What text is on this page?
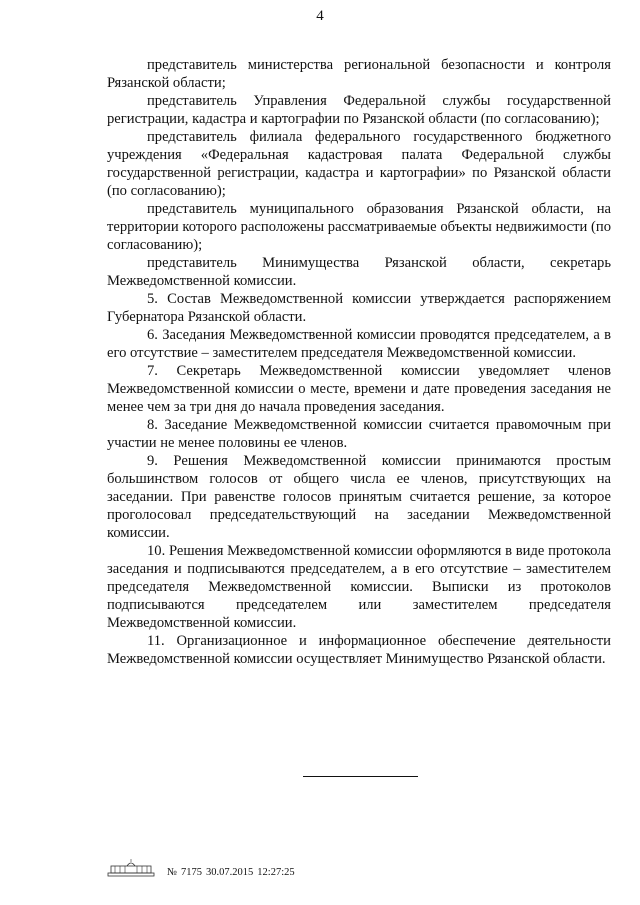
4

представитель министерства региональной безопасности и контроля Рязанской области;

представитель Управления Федеральной службы государственной регистрации, кадастра и картографии по Рязанской области (по согласованию);

представитель филиала федерального государственного бюджетного учреждения «Федеральная кадастровая палата Федеральной службы государственной регистрации, кадастра и картографии» по Рязанской области (по согласованию);

представитель муниципального образования Рязанской области, на территории которого расположены рассматриваемые объекты недвижимости (по согласованию);

представитель Минимущества Рязанской области, секретарь Межведомственной комиссии.

5. Состав Межведомственной комиссии утверждается распоряжением Губернатора Рязанской области.

6. Заседания Межведомственной комиссии проводятся председателем, а в его отсутствие – заместителем председателя Межведомственной комиссии.

7. Секретарь Межведомственной комиссии уведомляет членов Межведомственной комиссии о месте, времени и дате проведения заседания не менее чем за три дня до начала проведения заседания.

8. Заседание Межведомственной комиссии считается правомочным при участии не менее половины ее членов.

9. Решения Межведомственной комиссии принимаются простым большинством голосов от общего числа ее членов, присутствующих на заседании. При равенстве голосов принятым считается решение, за которое проголосовал председательствующий на заседании Межведомственной комиссии.

10. Решения Межведомственной комиссии оформляются в виде протокола заседания и подписываются председателем, а в его отсутствие – заместителем председателя Межведомственной комиссии. Выписки из протоколов подписываются председателем или заместителем председателя Межведомственной комиссии.

11. Организационное и информационное обеспечение деятельности Межведомственной комиссии осуществляет Минимущество Рязанской области.

№ 7175 30.07.2015 12:27:25
